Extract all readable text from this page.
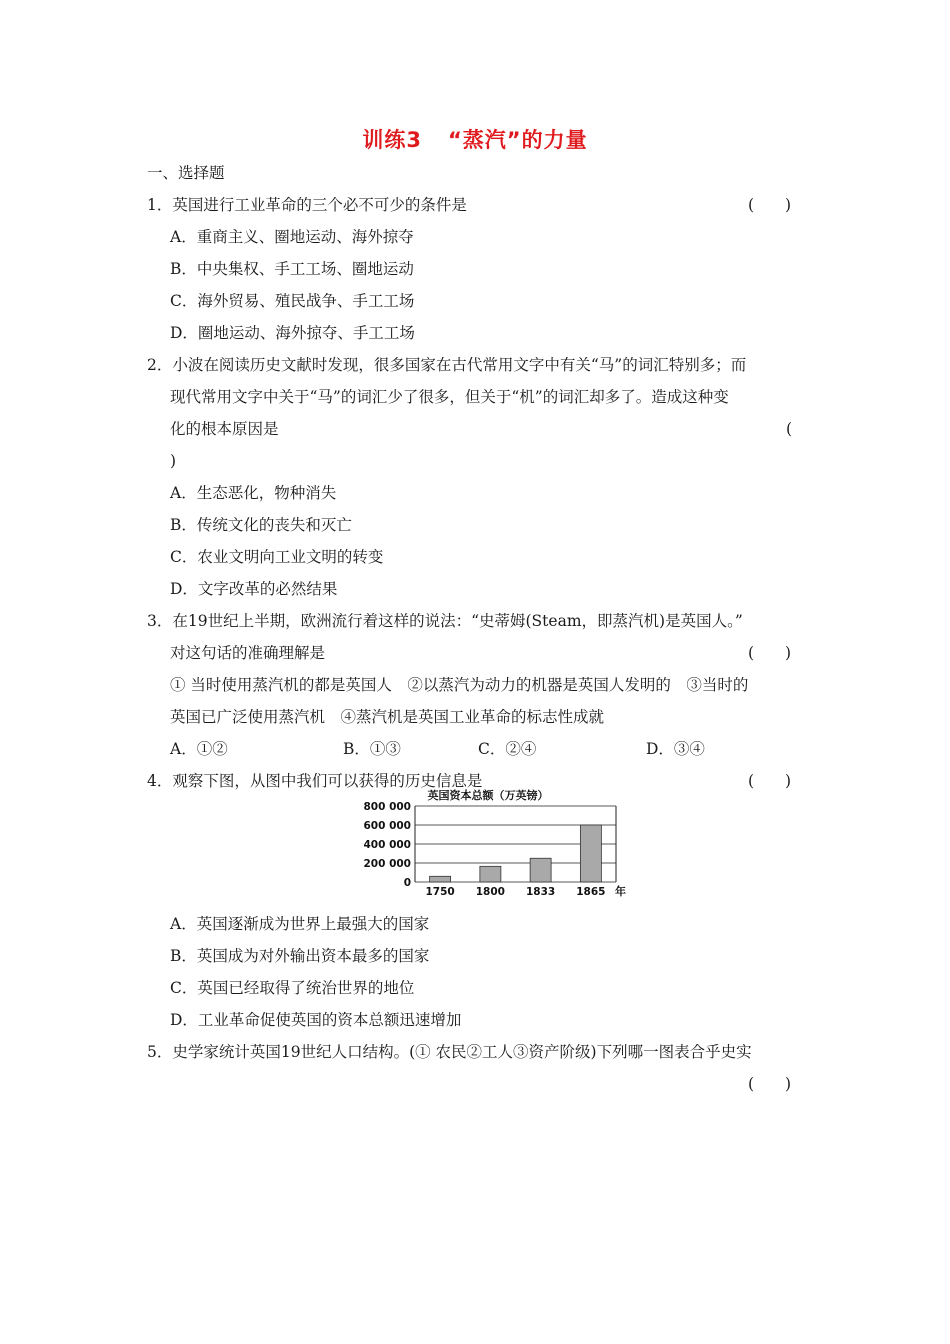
训练3 “蒸汽”的力量
一、选择题
1．英国进行工业革命的三个必不可少的条件是	(　　)
A．重商主义、圈地运动、海外掠夺
B．中央集权、手工工场、圈地运动
C．海外贸易、殖民战争、手工工场
D．圈地运动、海外掠夺、手工工场
2．小波在阅读历史文献时发现，很多国家在古代常用文字中有关“马”的词汇特别多；而
现代常用文字中关于“马”的词汇少了很多，但关于“机”的词汇却多了。造成这种变
化的根本原因是	(
)
A．生态恶化，物种消失
B．传统文化的丧失和灭亡
C．农业文明向工业文明的转变
D．文字改革的必然结果
3．在19世纪上半期，欧洲流行着这样的说法：“史蒂姆(Steam，即蒸汽机)是英国人。”
对这句话的准确理解是	(　　)
① 当时使用蒸汽机的都是英国人　②以蒸汽为动力的机器是英国人发明的　③当时的
英国已广泛使用蒸汽机　④蒸汽机是英国工业革命的标志性成就
A．①②	B．①③	C．②④	D．③④
4．观察下图，从图中我们可以获得的历史信息是	(　　)
英国资本总额（万英镑）
0
200 000
400 000
600 000
800 000
1750 1800 1833 1865 年
A．英国逐渐成为世界上最强大的国家
B．英国成为对外输出资本最多的国家
C．英国已经取得了统治世界的地位
D．工业革命促使英国的资本总额迅速增加
5．史学家统计英国19世纪人口结构。(① 农民②工人③资产阶级)下列哪一图表合乎史实
(　　)
